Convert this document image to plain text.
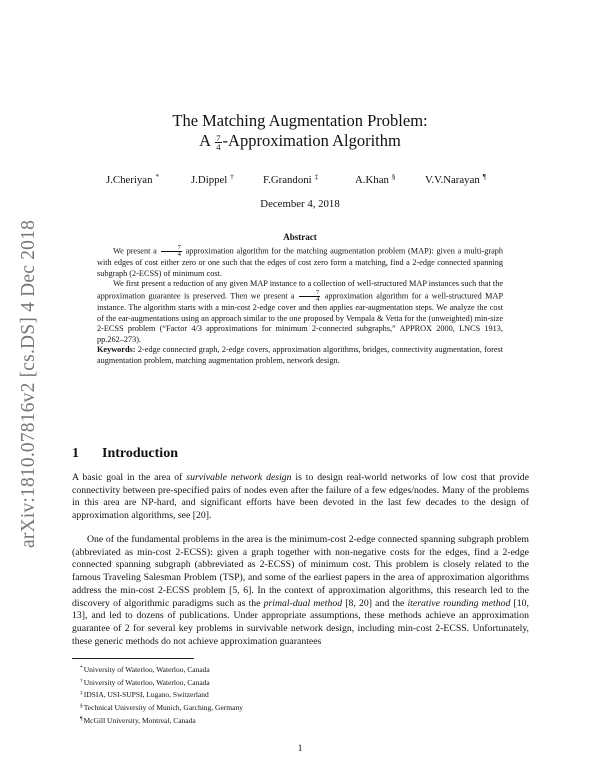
arXiv:1810.07816v2 [cs.DS] 4 Dec 2018
The Matching Augmentation Problem:
A $\frac{7}{4}$ -Approximation Algorithm
J.Cheriyan *	J.Dippel †	F.Grandoni ‡	A.Khan §	V.V.Narayan ¶
December 4, 2018
Abstract

We present a $\frac{7}{4}$ approximation algorithm for the matching augmentation problem (MAP): given a multi-graph with edges of cost either zero or one such that the edges of cost zero form a matching, find a 2-edge connected spanning subgraph (2-ECSS) of minimum cost.

We first present a reduction of any given MAP instance to a collection of well-structured MAP instances such that the approximation guarantee is preserved. Then we present a $\frac{7}{4}$ approximation algorithm for a well-structured MAP instance. The algorithm starts with a min-cost 2-edge cover and then applies ear-augmentation steps. We analyze the cost of the ear-augmentations using an approach similar to the one proposed by Vempala & Vetta for the (unweighted) min-size 2-ECSS problem (“Factor 4/3 approximations for minimum 2-connected subgraphs,” APPROX 2000, LNCS 1913, pp.262–273).

Keywords: 2-edge connected graph, 2-edge covers, approximation algorithms, bridges, connectivity augmentation, forest augmentation problem, matching augmentation problem, network design.

1 Introduction

A basic goal in the area of survivable network design is to design real-world networks of low cost that provide connectivity between pre-specified pairs of nodes even after the failure of a few edges/nodes. Many of the problems in this area are NP-hard, and significant efforts have been devoted in the last few decades to the design of approximation algorithms, see [20].

One of the fundamental problems in the area is the minimum-cost 2-edge connected spanning subgraph problem (abbreviated as min-cost 2-ECSS): given a graph together with non-negative costs for the edges, find a 2-edge connected spanning subgraph (abbreviated as 2-ECSS) of minimum cost. This problem is closely related to the famous Traveling Salesman Problem (TSP), and some of the earliest papers in the area of approximation algorithms address the min-cost 2-ECSS problem [5, 6]. In the context of approximation algorithms, this research led to the discovery of algorithmic paradigms such as the primal-dual method [8, 20] and the iterative rounding method [10, 13], and led to dozens of publications. Under appropriate assumptions, these methods achieve an approximation guarantee of 2 for several key problems in survivable network design, including min-cost 2-ECSS. Unfortunately, these generic methods do not achieve approximation guarantees

*University of Waterloo, Waterloo, Canada
†University of Waterloo, Waterloo, Canada
‡IDSIA, USI-SUPSI, Lugano, Switzerland
§Technical University of Munich, Garching, Germany
¶McGill University, Montreal, Canada
1
